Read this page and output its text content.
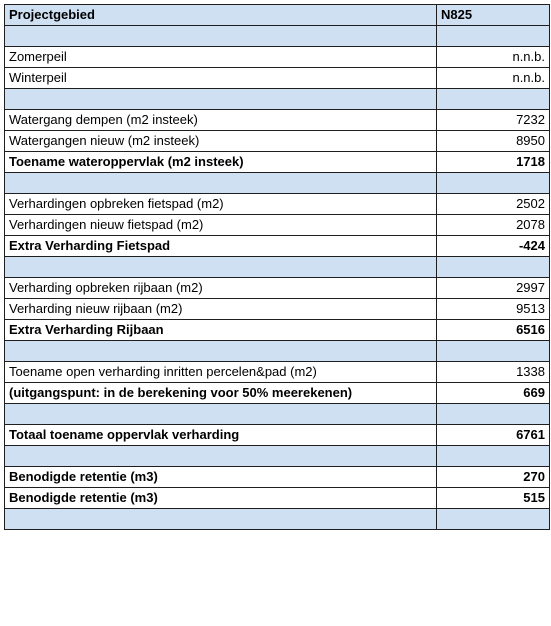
Projectgebied	N825

Zomerpeil	n.n.b.
Winterpeil	n.n.b.

Watergang dempen (m2 insteek)	7232
Watergangen nieuw (m2 insteek)	8950
Toename wateroppervlak (m2 insteek)	1718

Verhardingen opbreken fietspad (m2)	2502
Verhardingen nieuw fietspad (m2)	2078
Extra Verharding Fietspad	-424

Verharding opbreken rijbaan (m2)	2997
Verharding nieuw rijbaan (m2)	9513
Extra Verharding Rijbaan	6516

Toename open verharding inritten percelen&pad (m2)	1338
(uitgangspunt: in de berekening voor 50% meerekenen)	669

Totaal toename oppervlak verharding	6761

Benodigde retentie (m3)	270
Benodigde retentie (m3)	515
